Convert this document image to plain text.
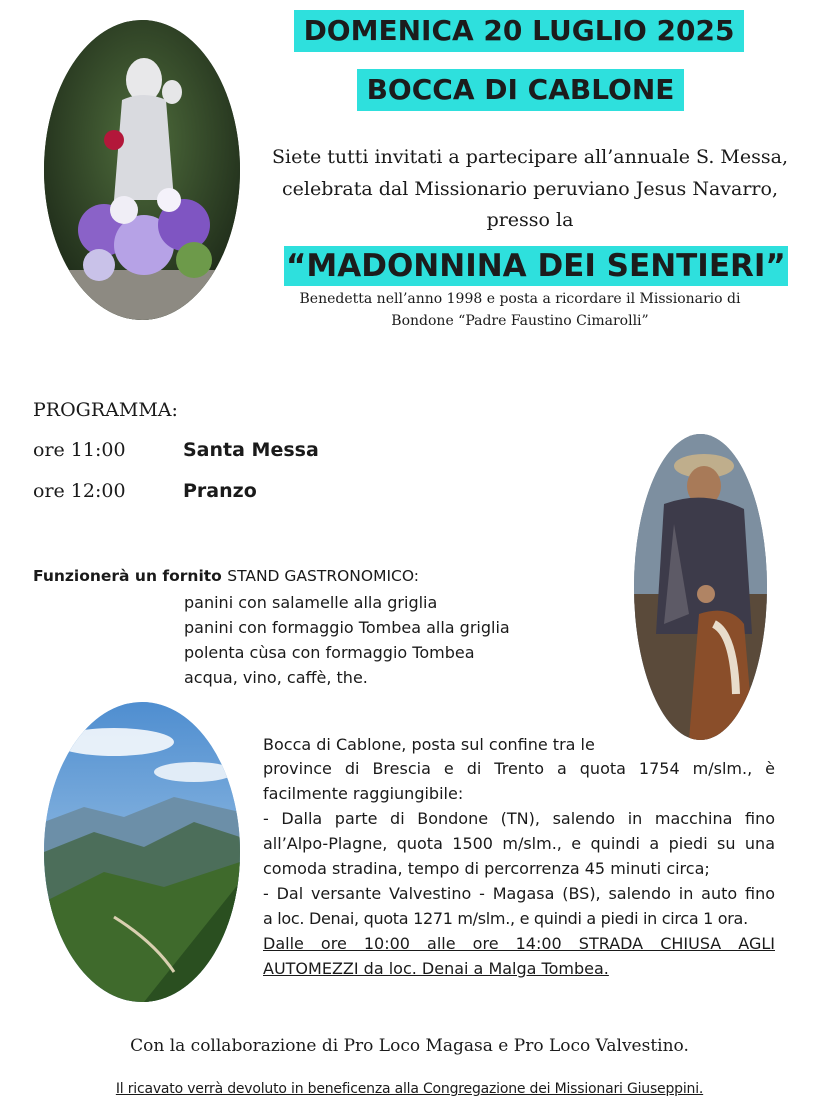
DOMENICA 20 LUGLIO 2025
BOCCA DI CABLONE
Siete tutti invitati a partecipare all’annuale S. Messa,
celebrata dal Missionario peruviano Jesus Navarro,
presso la
“MADONNINA DEI SENTIERI”
Benedetta nell’anno 1998 e posta a ricordare il Missionario di
Bondone “Padre Faustino Cimarolli”
PROGRAMMA:
ore 11:00	Santa Messa
ore 12:00	Pranzo
Funzionerà un fornito STAND GASTRONOMICO:
panini con salamelle alla griglia
panini con formaggio Tombea alla griglia
polenta cùsa con formaggio Tombea
acqua, vino, caffè, the.
Bocca di Cablone, posta sul confine tra le
province di Brescia e di Trento a quota 1754 m/slm., è
facilmente raggiungibile:
- Dalla parte di Bondone (TN), salendo in macchina fino
all’Alpo-Plagne, quota 1500 m/slm., e quindi a piedi su una
comoda stradina, tempo di percorrenza 45 minuti circa;
- Dal versante Valvestino - Magasa (BS), salendo in auto fino
a loc. Denai, quota 1271 m/slm., e quindi a piedi in circa 1 ora.
Dalle ore 10:00 alle ore 14:00 STRADA CHIUSA AGLI
AUTOMEZZI da loc. Denai a Malga Tombea.
Con la collaborazione di Pro Loco Magasa e Pro Loco Valvestino.
Il ricavato verrà devoluto in beneficenza alla Congregazione dei Missionari Giuseppini.
